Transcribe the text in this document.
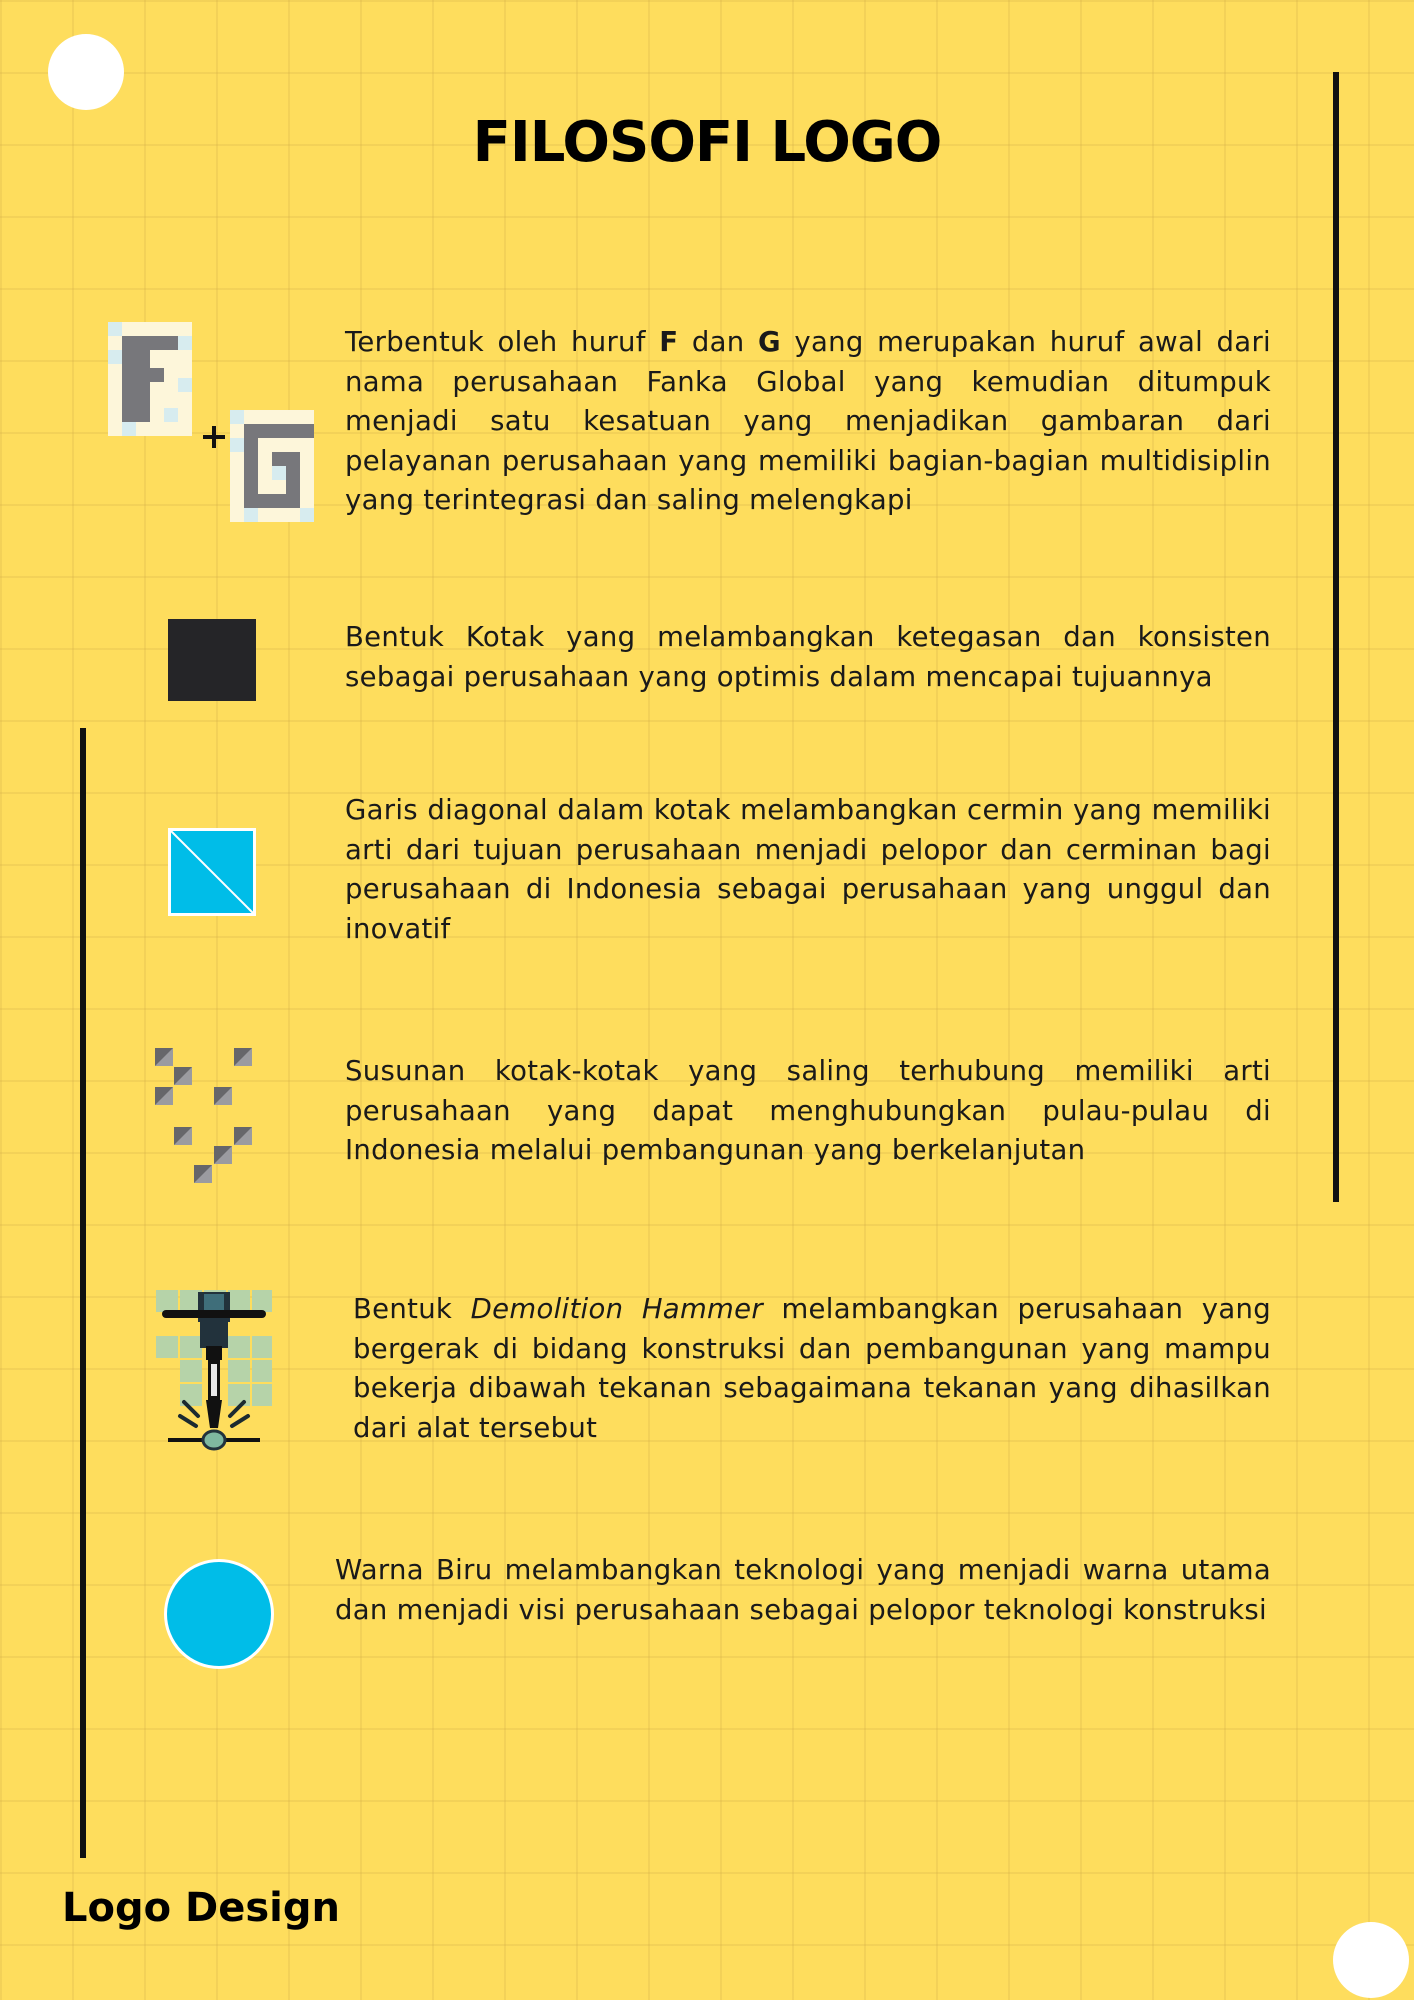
FILOSOFI LOGO
Terbentuk oleh huruf F dan G yang merupakan huruf awal dari nama perusahaan Fanka Global yang kemudian ditumpuk menjadi satu kesatuan yang menjadikan gambaran dari pelayanan perusahaan yang memiliki bagian-bagian multidisiplin yang terintegrasi dan saling melengkapi
Bentuk Kotak yang melambangkan ketegasan dan konsisten sebagai perusahaan yang optimis dalam mencapai tujuannya
Garis diagonal dalam kotak melambangkan cermin yang memiliki arti dari tujuan perusahaan menjadi pelopor dan cerminan bagi perusahaan di Indonesia sebagai perusahaan yang unggul dan inovatif
Susunan kotak-kotak yang saling terhubung memiliki arti perusahaan yang dapat menghubungkan pulau-pulau di Indonesia melalui pembangunan yang berkelanjutan
Bentuk Demolition Hammer melambangkan perusahaan yang bergerak di bidang konstruksi dan pembangunan yang mampu bekerja dibawah tekanan sebagaimana tekanan yang dihasilkan dari alat tersebut
Warna Biru melambangkan teknologi yang menjadi warna utama dan menjadi visi perusahaan sebagai pelopor teknologi konstruksi
Logo Design
